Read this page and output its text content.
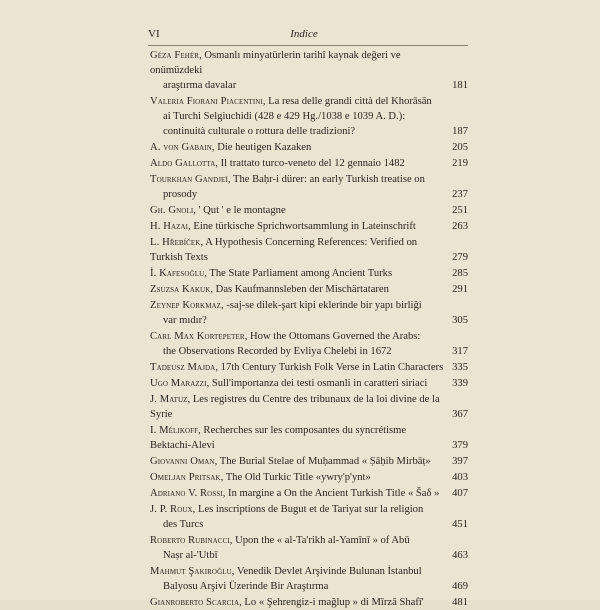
VI	Indice
Géza Fehér, Osmanlı minyatürlerin tarihî kaynak değeri ve onümüzdeki
araştırma davalar	181
Valeria Fiorani Piacentini, La resa delle grandi città del Khorāsān
ai Turchi Selgiuchidi (428 e 429 Hg./1038 e 1039 A. D.): continuità culturale o rottura delle tradizioni?	187
A. von Gabain, Die heutigen Kazaken	205
Aldo Gallotta, Il trattato turco-veneto del 12 gennaio 1482	219
Tourkhan Gandjeï, The Baḥr-i dürer: an early Turkish treatise on
prosody	237
Gh. Gnoli, ' Qut ' e le montagne	251
H. Hazai, Eine türkische Sprichwortsammlung in Lateinschrift	263
L. Hřebíček, A Hypothesis Concerning References: Verified on Turkish Texts	279
İ. Kafesoğlu, The State Parliament among Ancient Turks	285
Zsuzsa Kakuk, Das Kaufmannsleben der Mischärtataren	291
Zeynep Korkmaz, -saj-se dilek-şart kipi eklerinde bir yapı birliği
var mıdır?	305
Carl Max Kortepeter, How the Ottomans Governed the Arabs:
the Observations Recorded by Evliya Chelebi in 1672	317
Tadeusz Majda, 17th Century Turkish Folk Verse in Latin Characters 335
Ugo Marazzi, Sull'importanza dei testi osmanli in caratteri siriaci	339
J. Matuz, Les registres du Centre des tribunaux de la loi divine de la Syrie	367
I. Mélikoff, Recherches sur les composantes du syncrétisme Bektachi-Alevi	379
Giovanni Oman, The Burial Stelae of Muḥammad « Ṣāḥib Mirbāṭ»	397
Omeljan Pritsak, The Old Turkic Title «ywry'p'ynt»	403
Adriano V. Rossi, In margine a On the Ancient Turkish Title « Šaδ »	407
J. P. Roux, Les inscriptions de Bugut et de Tariyat sur la religion
des Turcs	451
Roberto Rubinacci, Upon the « al-Ta'rikh al-Yamīnī » of Abū
Naṣr al-'Utbī	463
Mahmut Şakiroğlu, Venedik Devlet Arşivinde Bulunan İstanbul
Balyosu Arşivi Üzerinde Bir Araştırma	469
Gianroberto Scarcia, Lo « Şehrengiz-i mağlup » di Mīrzā Shafī'	481
